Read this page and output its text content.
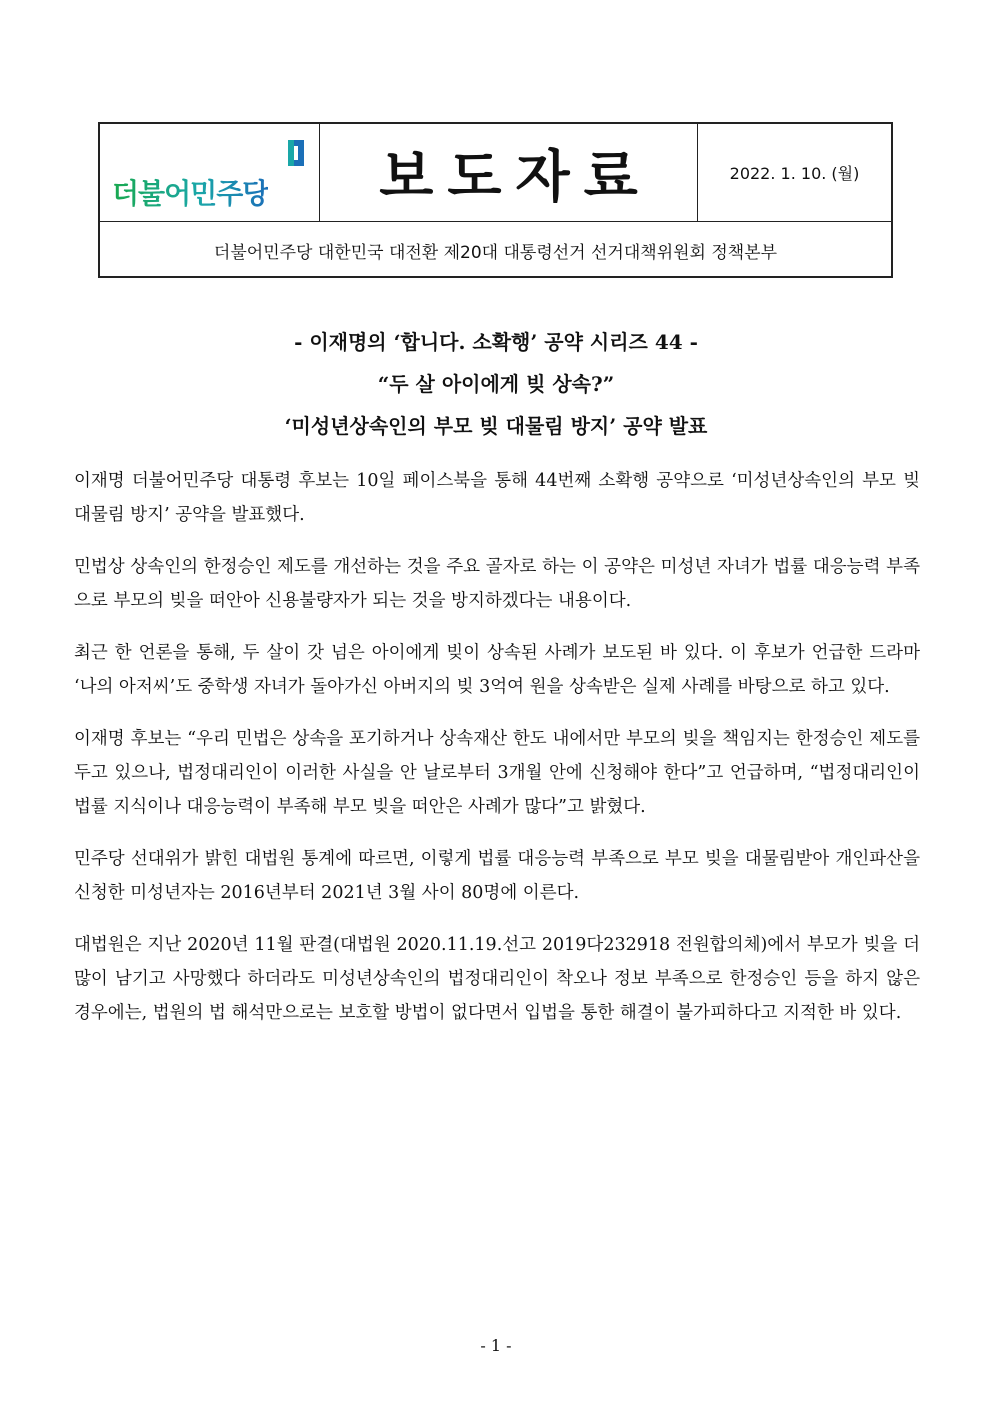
더불어민주당 보도자료	2022. 1. 10. (월)
더불어민주당 대한민국 대전환 제20대 대통령선거 선거대책위원회 정책본부
- 이재명의 ‘합니다. 소확행’ 공약 시리즈 44 -
“두 살 아이에게 빚 상속?”
‘미성년상속인의 부모 빚 대물림 방지’ 공약 발표

이재명 더불어민주당 대통령 후보는 10일 페이스북을 통해 44번째 소확행 공약으로 ‘미성년상속인의 부모 빚 대물림 방지’ 공약을 발표했다.

민법상 상속인의 한정승인 제도를 개선하는 것을 주요 골자로 하는 이 공약은 미성년 자녀가 법률 대응능력 부족으로 부모의 빚을 떠안아 신용불량자가 되는 것을 방지하겠다는 내용이다.

최근 한 언론을 통해, 두 살이 갓 넘은 아이에게 빚이 상속된 사례가 보도된 바 있다. 이 후보가 언급한 드라마 ‘나의 아저씨’도 중학생 자녀가 돌아가신 아버지의 빚 3억여 원을 상속받은 실제 사례를 바탕으로 하고 있다.

이재명 후보는 “우리 민법은 상속을 포기하거나 상속재산 한도 내에서만 부모의 빚을 책임지는 한정승인 제도를 두고 있으나, 법정대리인이 이러한 사실을 안 날로부터 3개월 안에 신청해야 한다”고 언급하며, “법정대리인이 법률 지식이나 대응능력이 부족해 부모 빚을 떠안은 사례가 많다”고 밝혔다.

민주당 선대위가 밝힌 대법원 통계에 따르면, 이렇게 법률 대응능력 부족으로 부모 빚을 대물림받아 개인파산을 신청한 미성년자는 2016년부터 2021년 3월 사이 80명에 이른다.

대법원은 지난 2020년 11월 판결(대법원 2020.11.19.선고 2019다232918 전원합의체)에서 부모가 빚을 더 많이 남기고 사망했다 하더라도 미성년상속인의 법정대리인이 착오나 정보 부족으로 한정승인 등을 하지 않은 경우에는, 법원의 법 해석만으로는 보호할 방법이 없다면서 입법을 통한 해결이 불가피하다고 지적한 바 있다.

- 1 -
